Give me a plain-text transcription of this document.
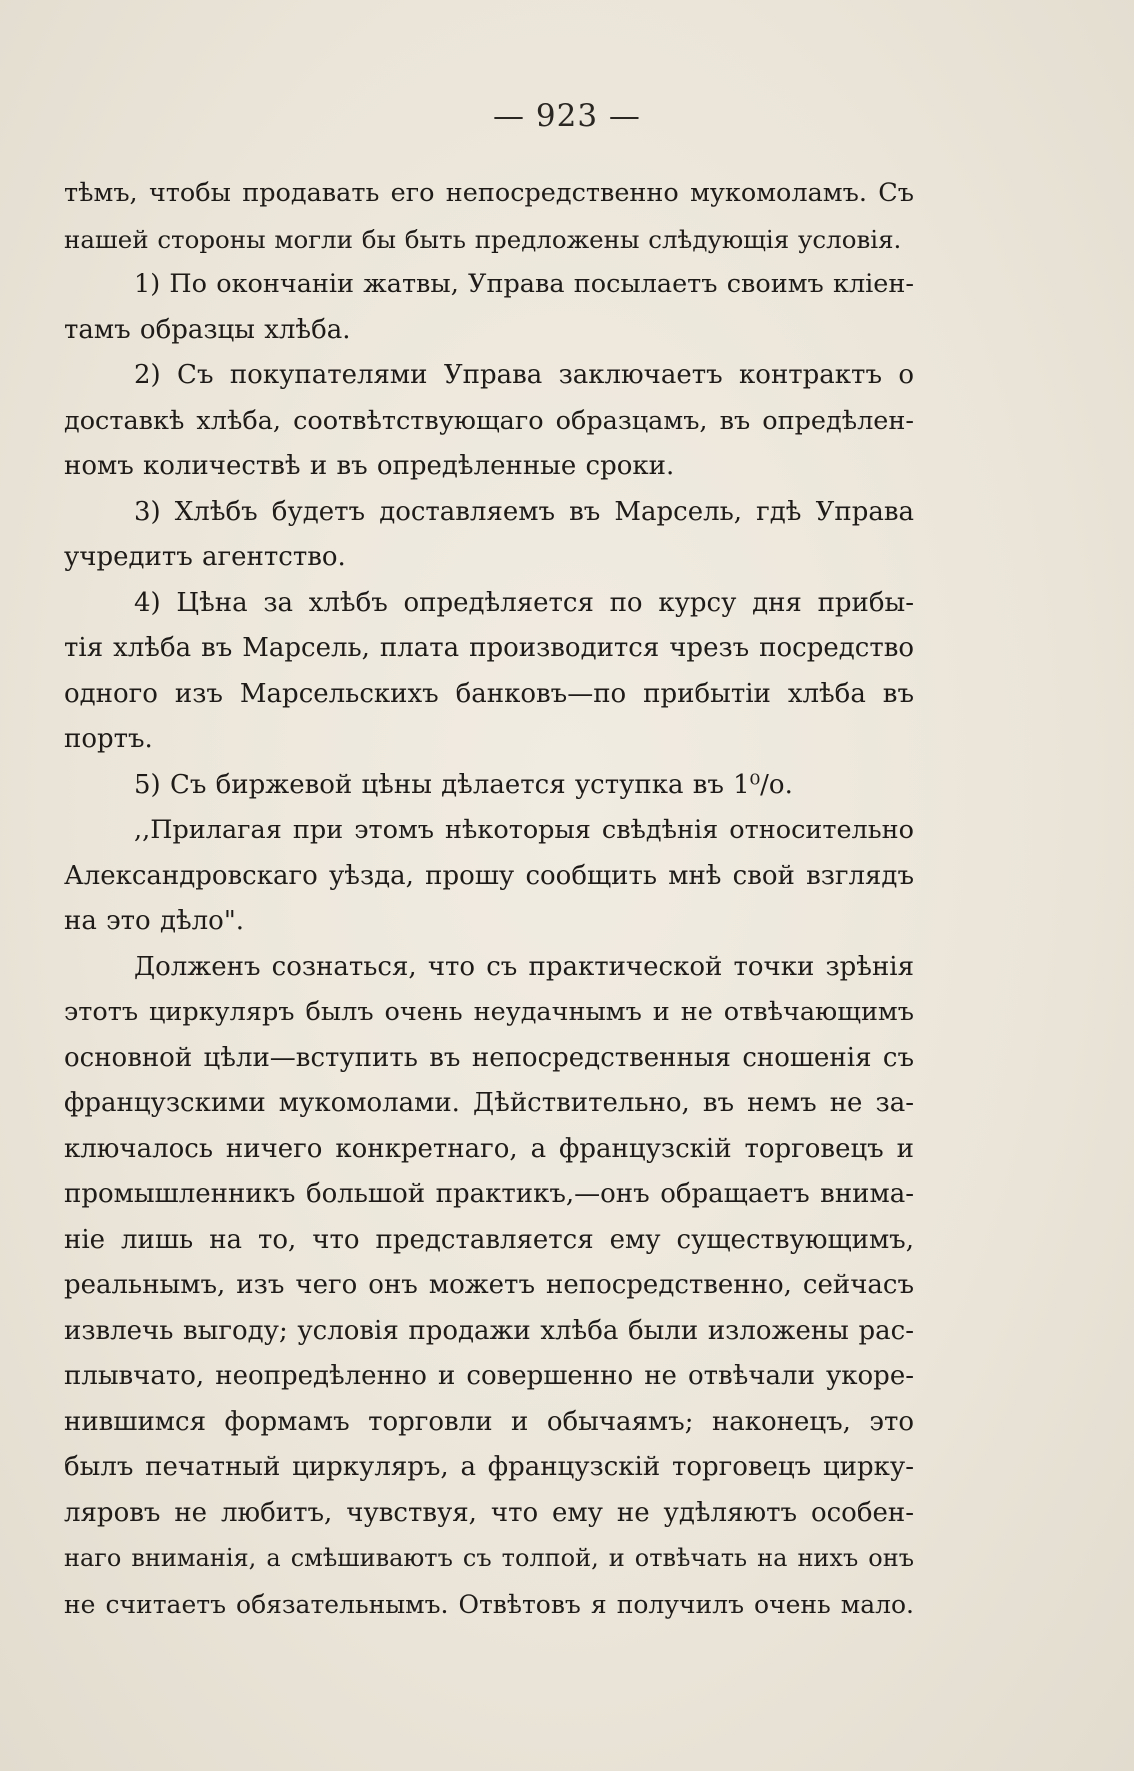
— 923 —
тѣмъ, чтобы продавать его непосредственно мукомоламъ. Съ
нашей стороны могли бы быть предложены слѣдующія условія.
1) По окончаніи жатвы, Управа посылаетъ своимъ кліен-
тамъ образцы хлѣба.
2) Съ покупателями Управа заключаетъ контрактъ о
доставкѣ хлѣба, соотвѣтствующаго образцамъ, въ опредѣлен-
номъ количествѣ и въ опредѣленные сроки.
3) Хлѣбъ будетъ доставляемъ въ Марсель, гдѣ Управа
учредитъ агентство.
4) Цѣна за хлѣбъ опредѣляется по курсу дня прибы-
тія хлѣба въ Марсель, плата производится чрезъ посредство
одного изъ Марсельскихъ банковъ—по прибытіи хлѣба въ
портъ.
5) Съ биржевой цѣны дѣлается уступка въ 1⁰/о.
,,Прилагая при этомъ нѣкоторыя свѣдѣнія относительно
Александровскаго уѣзда, прошу сообщить мнѣ свой взглядъ
на это дѣло".
Долженъ сознаться, что съ практической точки зрѣнія
этотъ циркуляръ былъ очень неудачнымъ и не отвѣчающимъ
основной цѣли—вступить въ непосредственныя сношенія съ
французскими мукомолами. Дѣйствительно, въ немъ не за-
ключалось ничего конкретнаго, а французскій торговецъ и
промышленникъ большой практикъ,—онъ обращаетъ внима-
ніе лишь на то, что представляется ему существующимъ,
реальнымъ, изъ чего онъ можетъ непосредственно, сейчасъ
извлечь выгоду; условія продажи хлѣба были изложены рас-
плывчато, неопредѣленно и совершенно не отвѣчали укоре-
нившимся формамъ торговли и обычаямъ; наконецъ, это
былъ печатный циркуляръ, а французскій торговецъ цирку-
ляровъ не любитъ, чувствуя, что ему не удѣляютъ особен-
наго вниманія, а смѣшиваютъ съ толпой, и отвѣчать на нихъ онъ
не считаетъ обязательнымъ. Отвѣтовъ я получилъ очень мало.
